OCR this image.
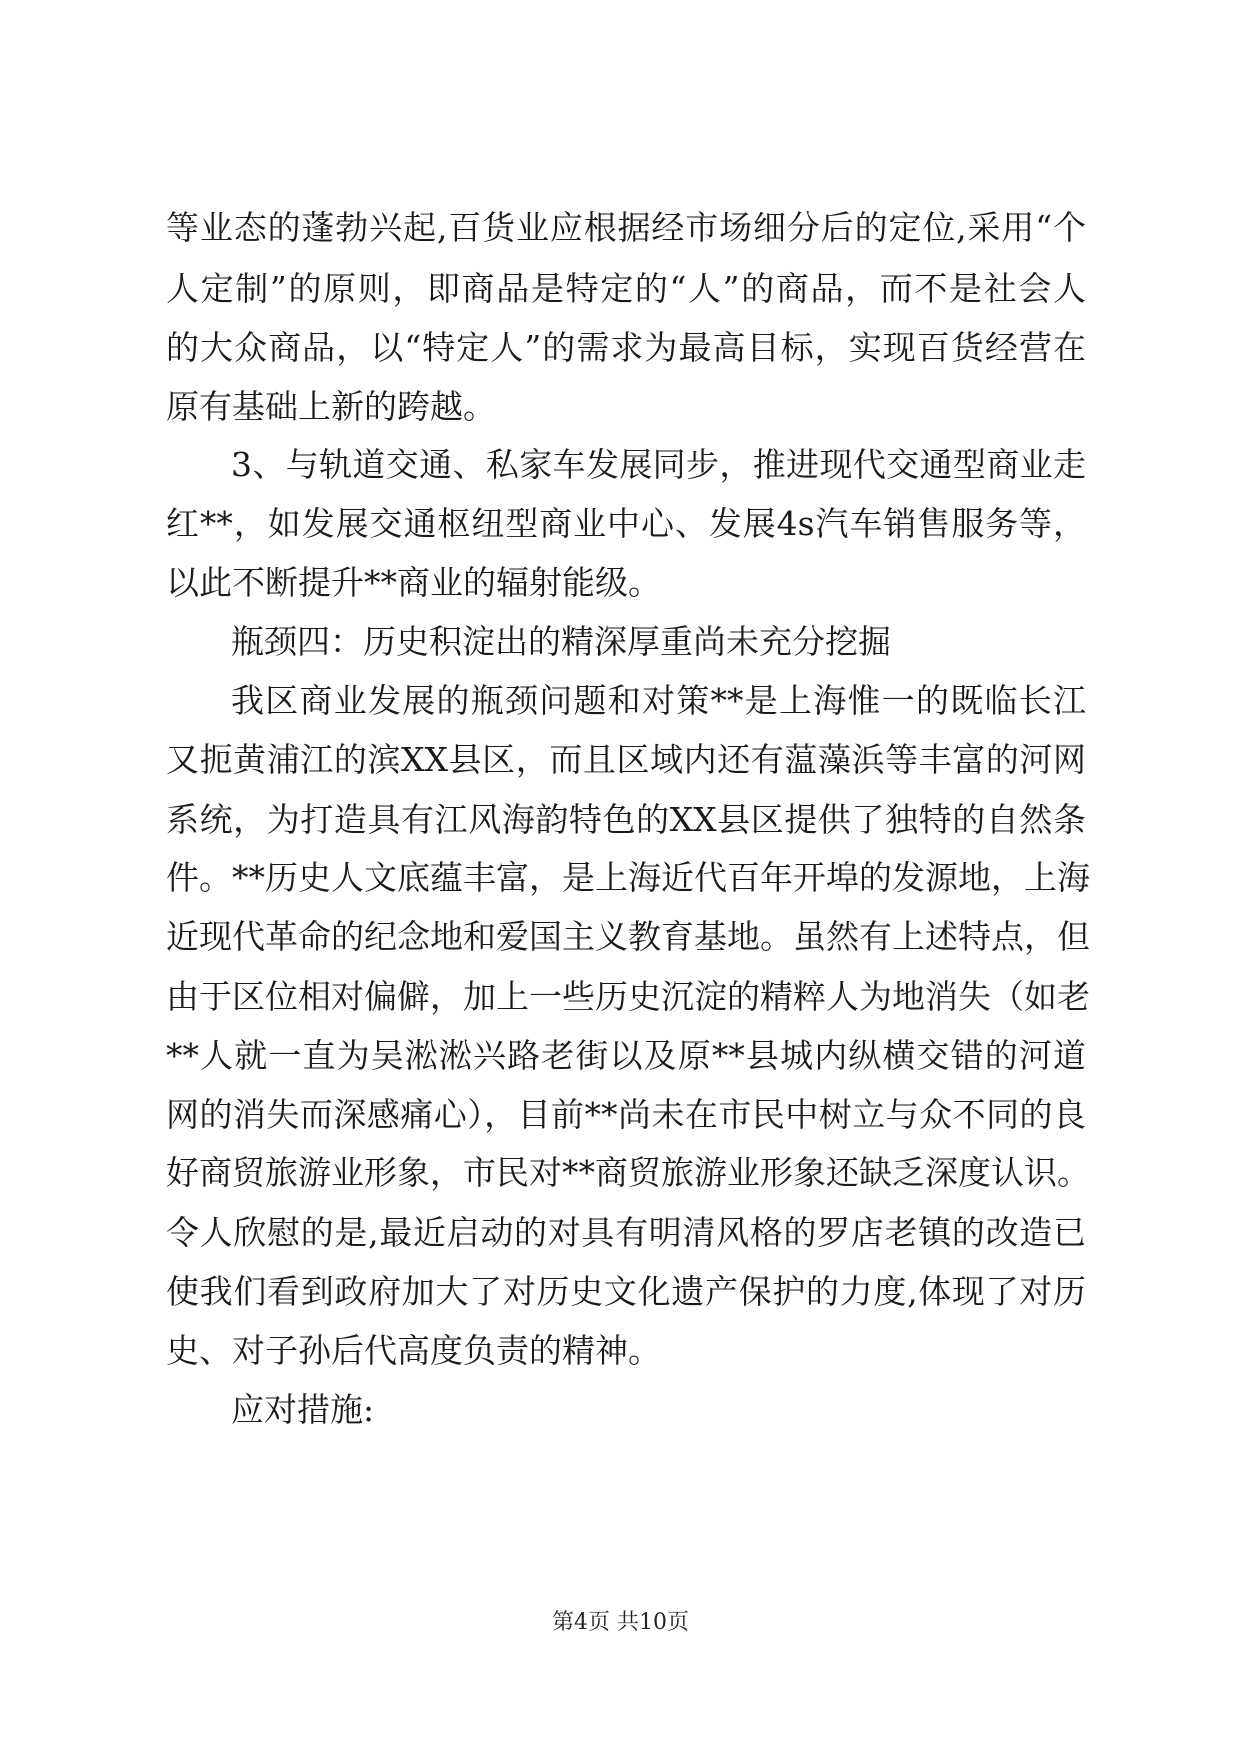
等业态的蓬勃兴起,百货业应根据经市场细分后的定位,采用“个
人定制”的原则，即商品是特定的“人”的商品，而不是社会人
的大众商品，以“特定人”的需求为最高目标，实现百货经营在
原有基础上新的跨越。
3、与轨道交通、私家车发展同步，推进现代交通型商业走
红**，如发展交通枢纽型商业中心、发展4s汽车销售服务等，
以此不断提升**商业的辐射能级。
瓶颈四：历史积淀出的精深厚重尚未充分挖掘
我区商业发展的瓶颈问题和对策**是上海惟一的既临长江
又扼黄浦江的滨XX县区，而且区域内还有蕰藻浜等丰富的河网
系统，为打造具有江风海韵特色的XX县区提供了独特的自然条
件。**历史人文底蕴丰富，是上海近代百年开埠的发源地，上海
近现代革命的纪念地和爱国主义教育基地。虽然有上述特点，但
由于区位相对偏僻，加上一些历史沉淀的精粹人为地消失（如老
**人就一直为吴淞淞兴路老街以及原**县城内纵横交错的河道
网的消失而深感痛心），目前**尚未在市民中树立与众不同的良
好商贸旅游业形象，市民对**商贸旅游业形象还缺乏深度认识。
令人欣慰的是,最近启动的对具有明清风格的罗店老镇的改造已
使我们看到政府加大了对历史文化遗产保护的力度,体现了对历
史、对子孙后代高度负责的精神。
应对措施:
第4页 共10页
